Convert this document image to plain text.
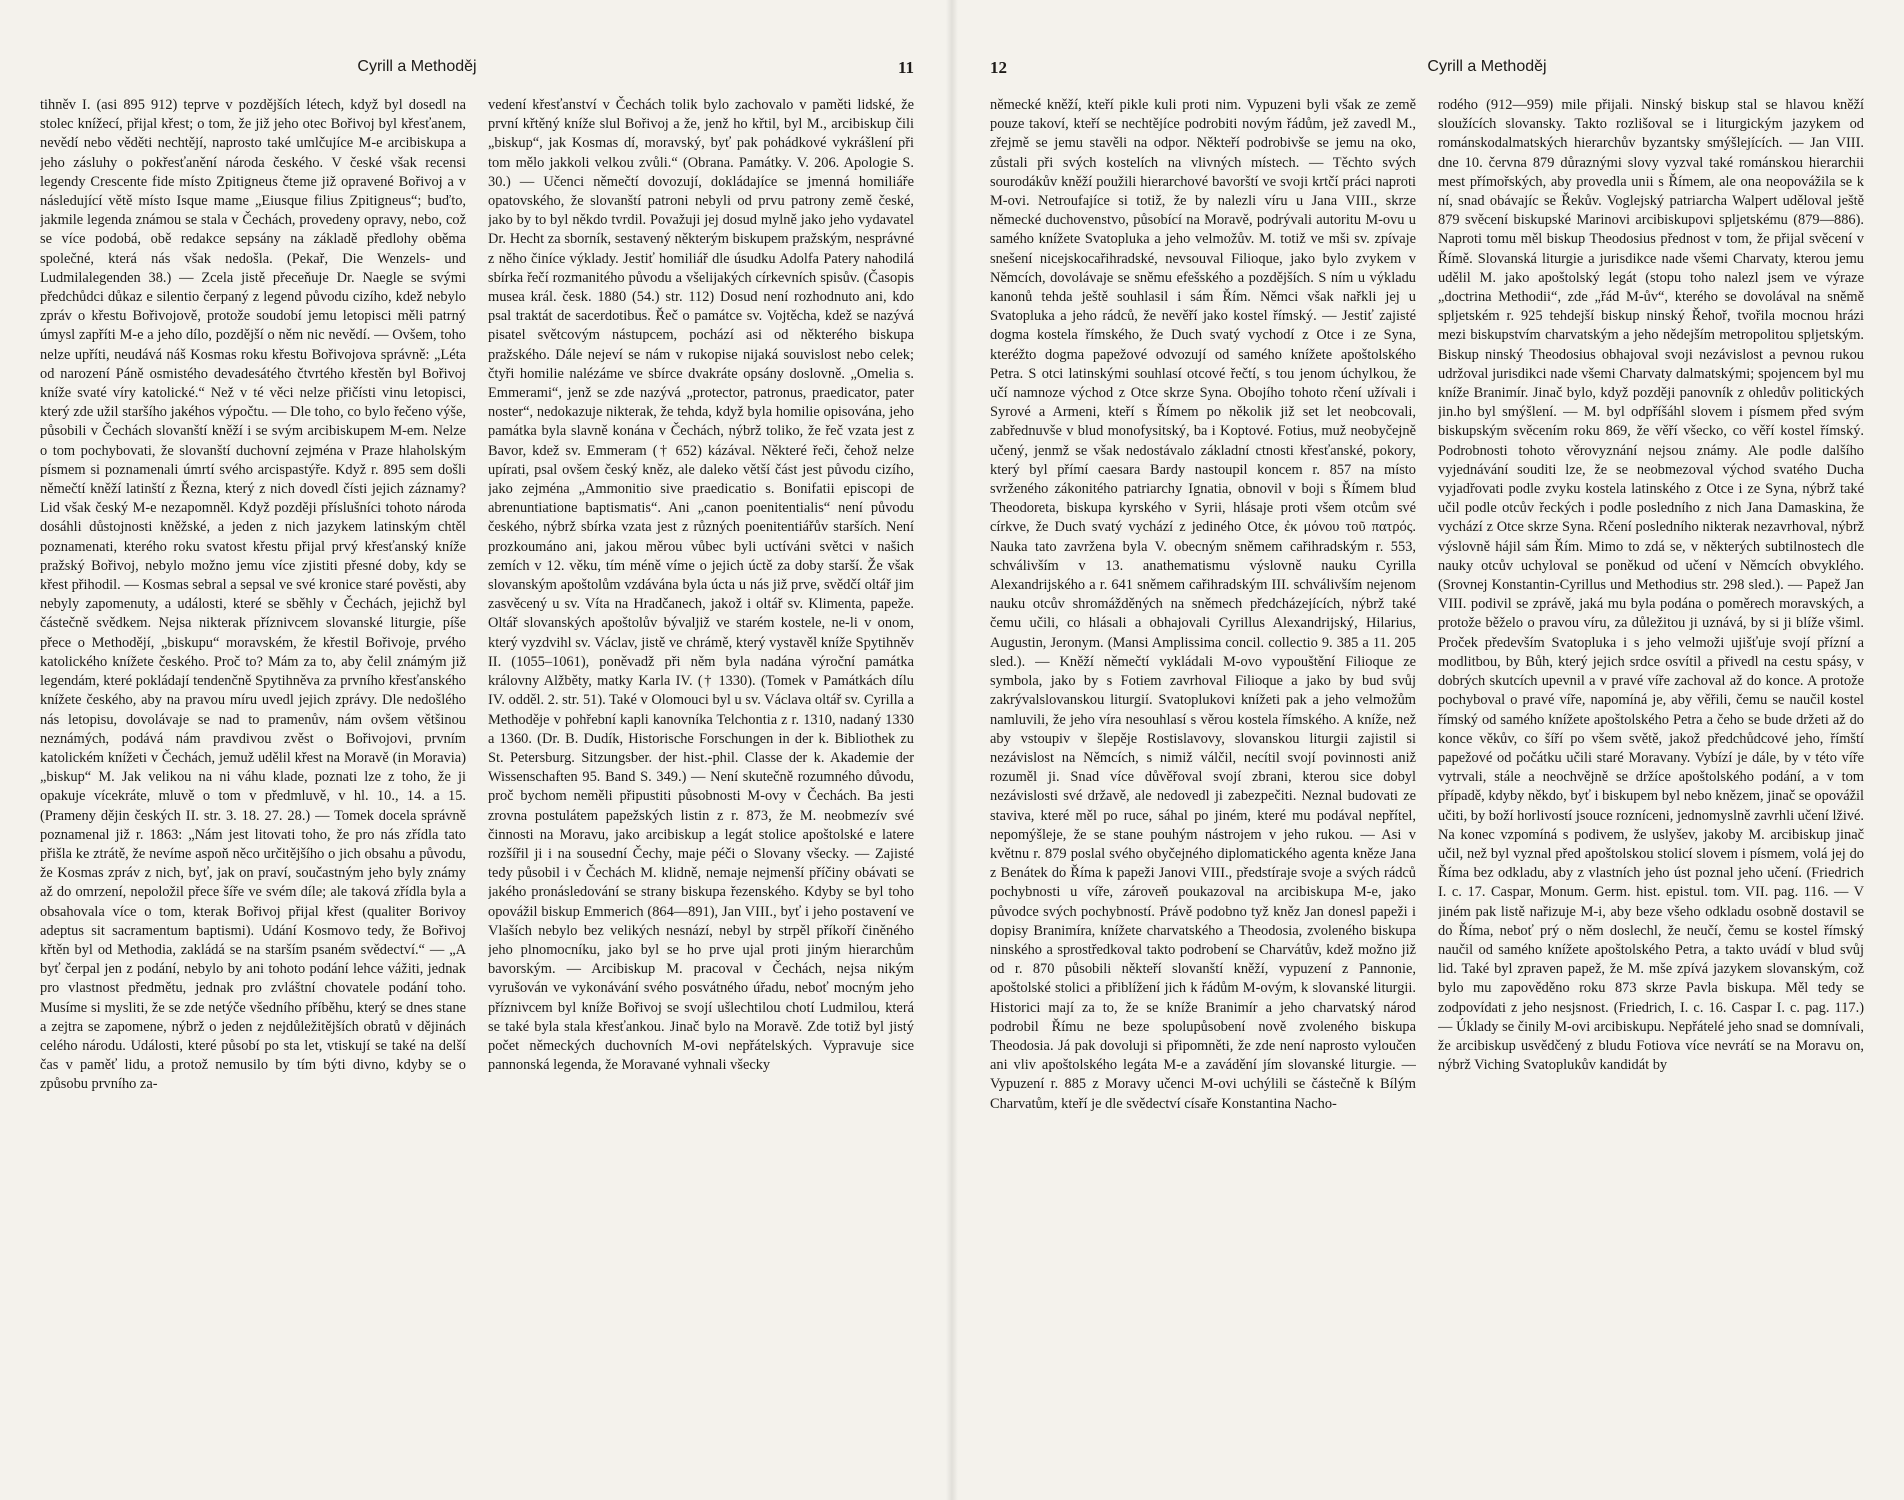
Cyrill a Methoděj	11

tihněv I. (asi 895 912) teprve v pozdějších létech, když byl dosedl na stolec knížecí, přijal křest; o tom, že již jeho otec Bořivoj byl křesťanem, nevědí nebo věděti nechtějí, naprosto také umlčujíce M-e arcibiskupa a jeho zásluhy o pokřesťanění národa českého. V české však recensi legendy Crescente fide místo Zpitigneus čteme již opravené Bořivoj a v následující větě místo Isque mame „Eiusque filius Zpitigneus“; buďto, jakmile legenda známou se stala v Čechách, provedeny opravy, nebo, což se více podobá, obě redakce sepsány na základě předlohy oběma společné, která nás však nedošla. (Pekař, Die Wenzels- und Ludmilalegenden 38.) — Zcela jistě přeceňuje Dr. Naegle se svými předchůdci důkaz e silentio čerpaný z legend původu cizího, kdež nebylo zpráv o křestu Bořivojově, protože soudobí jemu letopisci měli patrný úmysl zapříti M-e a jeho dílo, pozdější o něm nic nevědí. — Ovšem, toho nelze upříti, neudává náš Kosmas roku křestu Bořivojova správně: „Léta od narození Páně osmistého devadesátého čtvrtého křestěn byl Bořivoj kníže svaté víry katolické.“ Než v té věci nelze přičísti vinu letopisci, který zde užil staršího jakéhos výpočtu. — Dle toho, co bylo řečeno výše, působili v Čechách slovanští kněží i se svým arcibiskupem M-em. Nelze o tom pochybovati, že slovanští duchovní zejména v Praze hlaholským písmem si poznamenali úmrtí svého arcispastýře. Když r. 895 sem došli němečtí kněží latinští z Řezna, který z nich dovedl čísti jejich záznamy? Lid však český M-e nezapomněl. Když později příslušníci tohoto národa dosáhli důstojnosti kněžské, a jeden z nich jazykem latinským chtěl poznamenati, kterého roku svatost křestu přijal prvý křesťanský kníže pražský Bořivoj, nebylo možno jemu více zjistiti přesné doby, kdy se křest přihodil. — Kosmas sebral a sepsal ve své kronice staré pověsti, aby nebyly zapomenuty, a události, které se sběhly v Čechách, jejichž byl částečně svědkem. Nejsa nikterak příznivcem slovanské liturgie, píše přece o Methodějí, „biskupu“ moravském, že křestil Bořivoje, prvého katolického knížete českého. Proč to? Mám za to, aby čelil známým již legendám, které pokládají tendenčně Spytihněva za prvního křesťanského knížete českého, aby na pravou míru uvedl jejich zprávy. Dle nedošlého nás letopisu, dovolávaje se nad to pramenův, nám ovšem většinou neznámých, podává nám pravdivou zvěst o Bořivojovi, prvním katolickém knížeti v Čechách, jemuž udělil křest na Moravě (in Moravia) „biskup“ M. Jak velikou na ni váhu klade, poznati lze z toho, že ji opakuje vícekráte, mluvě o tom v předmluvě, v hl. 10., 14. a 15. (Prameny dějin českých II. str. 3. 18. 27. 28.) — Tomek docela správně poznamenal již r. 1863: „Nám jest litovati toho, že pro nás zřídla tato přišla ke ztrátě, že nevíme aspoň něco určitějšího o jich obsahu a původu, že Kosmas zpráv z nich, byť, jak on praví, součastným jeho byly známy až do omrzení, nepoložil přece šíře ve svém díle; ale taková zřídla byla a obsahovala více o tom, kterak Bořivoj přijal křest (qualiter Borivoy adeptus sit sacramentum baptismi). Udání Kosmovo tedy, že Bořivoj křtěn byl od Methodia, zakládá se na starším psaném svědectví.“ — „A byť čerpal jen z podání, nebylo by ani tohoto podání lehce vážiti, jednak pro vlastnost předmětu, jednak pro zvláštní chovatele podání toho. Musíme si mysliti, že se zde netýče všedního příběhu, který se dnes stane a zejtra se zapomene, nýbrž o jeden z nejdůležitějších obratů v dějinách celého národu. Události, které působí po sta let, vtiskují se také na delší čas v paměť lidu, a protož nemusilo by tím býti divno, kdyby se o způsobu prvního za-

vedení křesťanství v Čechách tolik bylo zachovalo v paměti lidské, že první křtěný kníže slul Bořivoj a že, jenž ho křtil, byl M., arcibiskup čili „biskup“, jak Kosmas dí, moravský, byť pak pohádkové vykrášlení při tom mělo jakkoli velkou zvůli.“ (Obrana. Památky. V. 206. Apologie S. 30.) — Učenci němečtí dovozují, dokládajíce se jmenná homiliáře opatovského, že slovanští patroni nebyli od prvu patrony země české, jako by to byl někdo tvrdil. Považuji jej dosud mylně jako jeho vydavatel Dr. Hecht za sborník, sestavený některým biskupem pražským, nesprávné z něho činíce výklady. Jestiť homiliář dle úsudku Adolfa Patery nahodilá sbírka řečí rozmanitého původu a všelijakých církevních spisův. (Časopis musea král. česk. 1880 (54.) str. 112) Dosud není rozhodnuto ani, kdo psal traktát de sacerdotibus. Řeč o památce sv. Vojtěcha, kdež se nazývá pisatel světcovým nástupcem, pochází asi od některého biskupa pražského. Dále nejeví se nám v rukopise nijaká souvislost nebo celek; čtyři homilie nalézáme ve sbírce dvakráte opsány doslovně. „Omelia s. Emmerami“, jenž se zde nazývá „protector, patronus, praedicator, pater noster“, nedokazuje nikterak, že tehda, když byla homilie opisována, jeho památka byla slavně konána v Čechách, nýbrž toliko, že řeč vzata jest z Bavor, kdež sv. Emmeram († 652) kázával. Některé řeči, čehož nelze upírati, psal ovšem český kněz, ale daleko větší část jest původu cizího, jako zejména „Ammonitio sive praedicatio s. Bonifatii episcopi de abrenuntiatione baptismatis“. Ani „canon poenitentialis“ není původu českého, nýbrž sbírka vzata jest z různých poenitentiářův starších. Není prozkoumáno ani, jakou měrou vůbec byli uctíváni světci v našich zemích v 12. věku, tím méně víme o jejich úctě za doby starší. Že však slovanským apoštolům vzdávána byla úcta u nás již prve, svědčí oltář jim zasvěcený u sv. Víta na Hradčanech, jakož i oltář sv. Klimenta, papeže. Oltář slovanských apoštolův bývaljiž ve starém kostele, ne-li v onom, který vyzdvihl sv. Václav, jistě ve chrámě, který vystavěl kníže Spytihněv II. (1055–1061), poněvadž při něm byla nadána výroční památka královny Alžběty, matky Karla IV. († 1330). (Tomek v Památkách dílu IV. odděl. 2. str. 51). Také v Olomouci byl u sv. Václava oltář sv. Cyrilla a Methoděje v pohřební kapli kanovníka Telchontia z r. 1310, nadaný 1330 a 1360. (Dr. B. Dudík, Historische Forschungen in der k. Bibliothek zu St. Petersburg. Sitzungsber. der hist.-phil. Classe der k. Akademie der Wissenschaften 95. Band S. 349.) — Není skutečně rozumného důvodu, proč bychom neměli připustiti působnosti M-ovy v Čechách. Ba jesti zrovna postulátem papežských listin z r. 873, že M. neobmezív své činnosti na Moravu, jako arcibiskup a legát stolice apoštolské e latere rozšířil ji i na sousední Čechy, maje péči o Slovany všecky. — Zajisté tedy působil i v Čechách M. klidně, nemaje nejmenší příčiny obávati se jakého pronásledování se strany biskupa řezenského. Kdyby se byl toho opovážil biskup Emmerich (864—891), Jan VIII., byť i jeho postavení ve Vlaších nebylo bez velikých nesnází, nebyl by strpěl příkoří činěného jeho plnomocníku, jako byl se ho prve ujal proti jiným hierarchům bavorským. — Arcibiskup M. pracoval v Čechách, nejsa nikým vyrušován ve vykonávání svého posvátného úřadu, neboť mocným jeho příznivcem byl kníže Bořivoj se svojí ušlechtilou chotí Ludmilou, která se také byla stala křesťankou. Jinač bylo na Moravě. Zde totiž byl jistý počet německých duchovních M-ovi nepřátelských. Vypravuje sice pannonská legenda, že Moravané vyhnali všecky

12	Cyrill a Methoděj

německé kněží, kteří pikle kuli proti nim. Vypuzeni byli však ze země pouze takoví, kteří se nechtějíce podrobiti novým řádům, jež zavedl M., zřejmě se jemu stavěli na odpor. Někteří podrobivše se jemu na oko, zůstali při svých kostelích na vlivných místech. — Těchto svých sourodákův kněží použili hierarchové bavorští ve svoji krtčí práci naproti M-ovi. Netroufajíce si totiž, že by nalezli víru u Jana VIII., skrze německé duchovenstvo, působící na Moravě, podrývali autoritu M-ovu u samého knížete Svatopluka a jeho velmožův. M. totiž ve mši sv. zpívaje snešení nicejskocařihradské, nevsouval Filioque, jako bylo zvykem v Němcích, dovolávaje se sněmu efešského a pozdějších. S ním u výkladu kanonů tehda ještě souhlasil i sám Řím. Němci však nařkli jej u Svatopluka a jeho rádců, že nevěří jako kostel římský. — Jestiť zajisté dogma kostela římského, že Duch svatý vychodí z Otce i ze Syna, kteréžto dogma papežové odvozují od samého knížete apoštolského Petra. S otci latinskými souhlasí otcové řečtí, s tou jenom úchylkou, že učí namnoze východ z Otce skrze Syna. Obojího tohoto rčení užívali i Syrové a Armeni, kteří s Římem po několik již set let neobcovali, zabřednuvše v blud monofysitský, ba i Koptové. Fotius, muž neobyčejně učený, jenmž se však nedostávalo základní ctnosti křesťanské, pokory, který byl přímí caesara Bardy nastoupil koncem r. 857 na místo svrženého zákonitého patriarchy Ignatia, obnovil v boji s Římem blud Theodoreta, biskupa kyrského v Syrii, hlásaje proti všem otcům své církve, že Duch svatý vychází z jediného Otce, ἐκ μόνου τοῦ πατρός. Nauka tato zavržena byla V. obecným sněmem cařihradským r. 553, schválivším v 13. anathematismu výslovně nauku Cyrilla Alexandrijského a r. 641 sněmem cařihradským III. schválivším nejenom nauku otcův shromážděných na sněmech předcházejících, nýbrž také čemu učili, co hlásali a obhajovali Cyrillus Alexandrijský, Hilarius, Augustin, Jeronym. (Mansi Amplissima concil. collectio 9. 385 a 11. 205 sled.). — Kněží němečtí vykládali M-ovo vypouštění Filioque ze symbola, jako by s Fotiem zavrhoval Filioque a jako by bud svůj zakrývalslovanskou liturgií. Svatoplukovi knížeti pak a jeho velmožům namluvili, že jeho víra nesouhlasí s věrou kostela římského. A kníže, než aby vstoupiv v šlepěje Rostislavovy, slovanskou liturgii zajistil si nezávislost na Němcích, s nimiž válčil, necítil svojí povinnosti aniž rozuměl ji. Snad více důvěřoval svojí zbrani, kterou sice dobyl nezávislosti své državě, ale nedovedl ji zabezpečiti. Neznal budovati ze staviva, které měl po ruce, sáhal po jiném, které mu podával nepřítel, nepomýšleje, že se stane pouhým nástrojem v jeho rukou. — Asi v květnu r. 879 poslal svého obyčejného diplomatického agenta kněze Jana z Benátek do Říma k papeži Janovi VIII., předstíraje svoje a svých rádců pochybnosti u víře, zároveň poukazoval na arcibiskupa M-e, jako původce svých pochybností. Právě podobno tyž kněz Jan donesl papeži i dopisy Branimíra, knížete charvatského a Theodosia, zvoleného biskupa ninského a sprostředkoval takto podrobení se Charvátův, kdež možno již od r. 870 působili někteří slovanští kněží, vypuzení z Pannonie, apoštolské stolici a přiblížení jich k řádům M-ovým, k slovanské liturgii. Historici mají za to, že se kníže Branimír a jeho charvatský národ podrobil Římu ne beze spolupůsobení nově zvoleného biskupa Theodosia. Já pak dovoluji si připomněti, že zde není naprosto vyloučen ani vliv apoštolského legáta M-e a zavádění jím slovanské liturgie. — Vypuzení r. 885 z Moravy učenci M-ovi uchýlili se částečně k Bílým Charvatům, kteří je dle svědectví císaře Konstantina Nacho-

rodého (912—959) mile přijali. Ninský biskup stal se hlavou kněží sloužících slovansky. Takto rozlišoval se i liturgickým jazykem od románskodalmatských hierarchův byzantsky smýšlejících. — Jan VIII. dne 10. června 879 důraznými slovy vyzval také románskou hierarchii mest přímořských, aby provedla unii s Římem, ale ona neopovážila se k ní, snad obávajíc se Řekův. Voglejský patriarcha Walpert uděloval ještě 879 svěcení biskupské Marinovi arcibiskupovi spljetskému (879—886). Naproti tomu měl biskup Theodosius přednost v tom, že přijal svěcení v Římě. Slovanská liturgie a jurisdikce nade všemi Charvaty, kterou jemu udělil M. jako apoštolský legát (stopu toho nalezl jsem ve výraze „doctrina Methodii“, zde „řád M-ův“, kterého se dovolával na sněmě spljetském r. 925 tehdejší biskup ninský Řehoř, tvořila mocnou hrázi mezi biskupstvím charvatským a jeho nědejším metropolitou spljetským. Biskup ninský Theodosius obhajoval svoji nezávislost a pevnou rukou udržoval jurisdikci nade všemi Charvaty dalmatskými; spojencem byl mu kníže Branimír. Jinač bylo, když později panovník z ohledův politických jin.ho byl smýšlení. — M. byl odpříšáhl slovem i písmem před svým biskupským svěcením roku 869, že věří všecko, co věří kostel římský. Podrobnosti tohoto věrovyznání nejsou známy. Ale podle dalšího vyjednávání souditi lze, že se neobmezoval východ svatého Ducha vyjadřovati podle zvyku kostela latinského z Otce i ze Syna, nýbrž také učil podle otcův řeckých i podle posledního z nich Jana Damaskina, že vychází z Otce skrze Syna. Rčení posledního nikterak nezavrhoval, nýbrž výslovně hájil sám Řím. Mimo to zdá se, v některých subtilnostech dle nauky otcův uchyloval se poněkud od učení v Němcích obvyklého. (Srovnej Konstantin-Cyrillus und Methodius str. 298 sled.). — Papež Jan VIII. podivil se zprávě, jaká mu byla podána o poměrech moravských, a protože běželo o pravou víru, za důležitou ji uznává, by si ji blíže všiml. Proček především Svatopluka i s jeho velmoži ujišťuje svojí přízní a modlitbou, by Bůh, který jejich srdce osvítil a přivedl na cestu spásy, v dobrých skutcích upevnil a v pravé víře zachoval až do konce. A protože pochyboval o pravé víře, napomíná je, aby věřili, čemu se naučil kostel římský od samého knížete apoštolského Petra a čeho se bude držeti až do konce věkův, co šíří po všem světě, jakož předchůdcové jeho, římští papežové od počátku učili staré Moravany. Vybízí je dále, by v této víře vytrvali, stále a neochvějně se držíce apoštolského podání, a v tom případě, kdyby někdo, byť i biskupem byl nebo knězem, jinač se opovážil učiti, by boží horlivostí jsouce rozníceni, jednomyslně zavrhli učení lživé. Na konec vzpomíná s podivem, že uslyšev, jakoby M. arcibiskup jinač učil, než byl vyznal před apoštolskou stolicí slovem i písmem, volá jej do Říma bez odkladu, aby z vlastních jeho úst poznal jeho učení. (Friedrich I. c. 17. Caspar, Monum. Germ. hist. epistul. tom. VII. pag. 116. — V jiném pak listě nařizuje M-i, aby beze všeho odkladu osobně dostavil se do Říma, neboť prý o něm doslechl, že neučí, čemu se kostel římský naučil od samého knížete apoštolského Petra, a takto uvádí v blud svůj lid. Také byl zpraven papež, že M. mše zpívá jazykem slovanským, což bylo mu zapověděno roku 873 skrze Pavla biskupa. Měl tedy se zodpovídati z jeho nesjsnost. (Friedrich, I. c. 16. Caspar I. c. pag. 117.) — Úklady se činily M-ovi arcibiskupu. Nepřátelé jeho snad se domnívali, že arcibiskup usvědčený z bludu Fotiova více nevrátí se na Moravu on, nýbrž Viching Svatoplukův kandidát by
